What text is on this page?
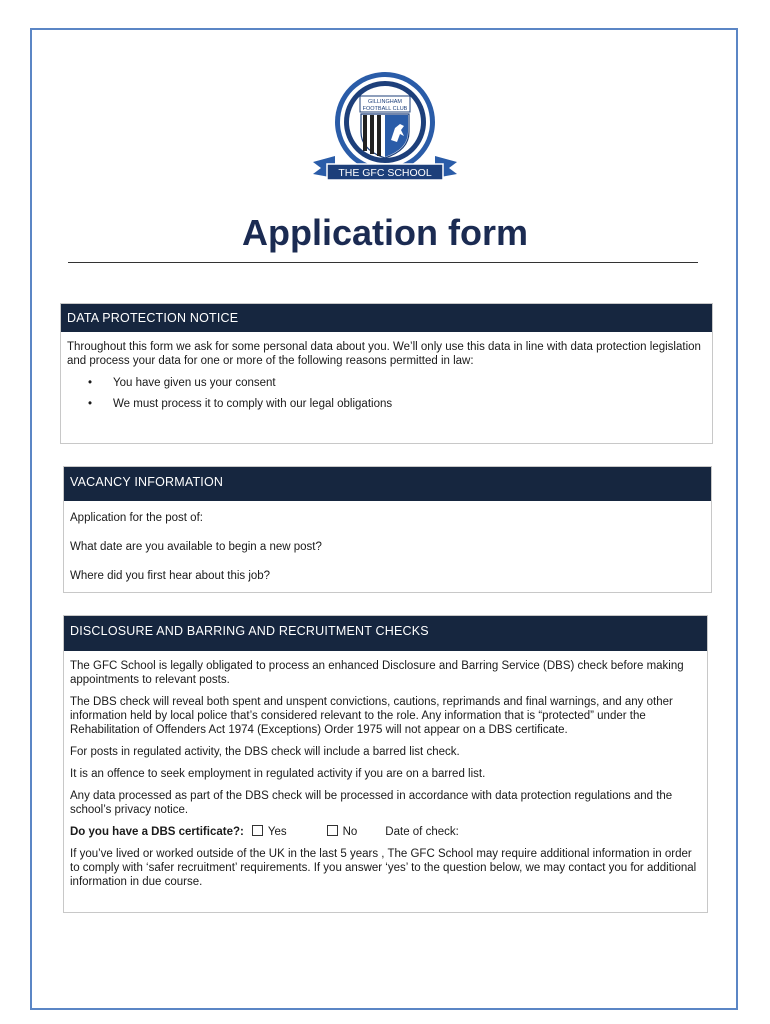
GILLINGHAM
FOOTBALL CLUB
THE GFC SCHOOL
Application form
DATA PROTECTION NOTICE

Throughout this form we ask for some personal data about you. We’ll only use this data in line with data protection legislation and process your data for one or more of the following reasons permitted in law:

• You have given us your consent
• We must process it to comply with our legal obligations
VACANCY INFORMATION

Application for the post of:

What date are you available to begin a new post?

Where did you first hear about this job?

DISCLOSURE AND BARRING AND RECRUITMENT CHECKS

The GFC School is legally obligated to process an enhanced Disclosure and Barring Service (DBS) check before making appointments to relevant posts.

The DBS check will reveal both spent and unspent convictions, cautions, reprimands and final warnings, and any other information held by local police that’s considered relevant to the role. Any information that is “protected” under the Rehabilitation of Offenders Act 1974 (Exceptions) Order 1975 will not appear on a DBS certificate.

For posts in regulated activity, the DBS check will include a barred list check.

It is an offence to seek employment in regulated activity if you are on a barred list.

Any data processed as part of the DBS check will be processed in accordance with data protection regulations and the school’s privacy notice.

Do you have a DBS certificate?:	Yes	No Date of check:

If you’ve lived or worked outside of the UK in the last 5 years , The GFC School may require additional information in order to comply with ‘safer recruitment’ requirements. If you answer ‘yes’ to the question below, we may contact you for additional information in due course.
